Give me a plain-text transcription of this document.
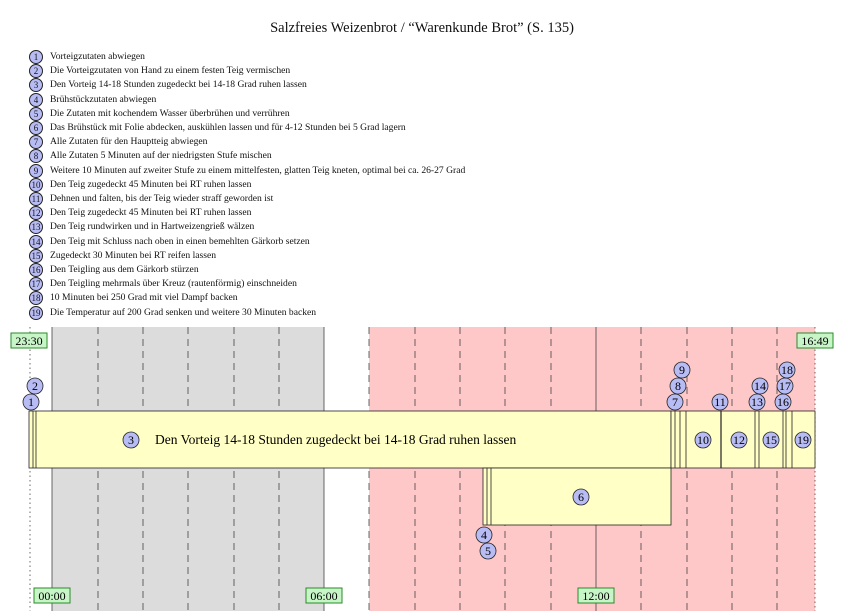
Salzfreies Weizenbrot / “Warenkunde Brot” (S. 135)
1	Vorteigzutaten abwiegen
2	Die Vorteigzutaten von Hand zu einem festen Teig vermischen
3	Den Vorteig 14-18 Stunden zugedeckt bei 14-18 Grad ruhen lassen
4	Brühstückzutaten abwiegen
5	Die Zutaten mit kochendem Wasser überbrühen und verrühren
6	Das Brühstück mit Folie abdecken, auskühlen lassen und für 4-12 Stunden bei 5 Grad lagern
7	Alle Zutaten für den Hauptteig abwiegen
8	Alle Zutaten 5 Minuten auf der niedrigsten Stufe mischen
9	Weitere 10 Minuten auf zweiter Stufe zu einem mittelfesten, glatten Teig kneten, optimal bei ca. 26-27 Grad
10 Den Teig zugedeckt 45 Minuten bei RT ruhen lassen
11 Dehnen und falten, bis der Teig wieder straff geworden ist
12 Den Teig zugedeckt 45 Minuten bei RT ruhen lassen
13 Den Teig rundwirken und in Hartweizengrieß wälzen
14 Den Teig mit Schluss nach oben in einen bemehlten Gärkorb setzen
15 Zugedeckt 30 Minuten bei RT reifen lassen
16 Den Teigling aus dem Gärkorb stürzen
17 Den Teigling mehrmals über Kreuz (rautenförmig) einschneiden
18 10 Minuten bei 250 Grad mit viel Dampf backen
19 Die Temperatur auf 200 Grad senken und weitere 30 Minuten backen
Den Vorteig 14-18 Stunden zugedeckt bei 14-18 Grad ruhen lassen
1
2
3
4
5
6
7
8
9
10
11
12
13
14
15
16
17
18
19
23:30	16:49
00:00	06:00	12:00
